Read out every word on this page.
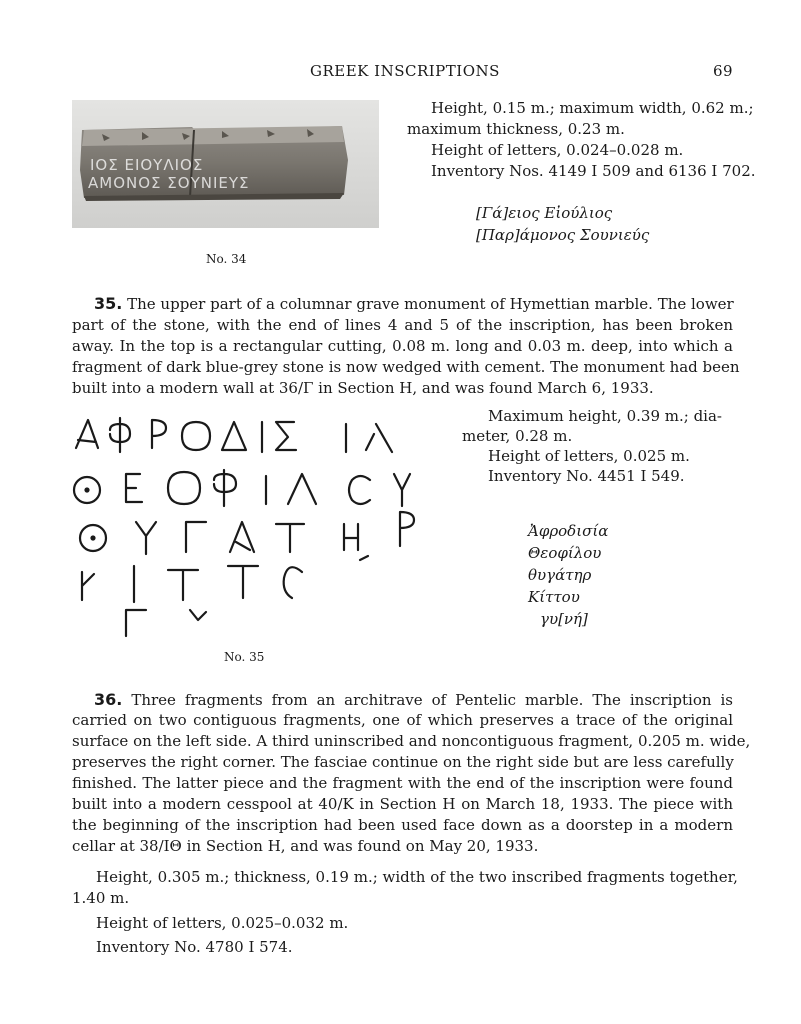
GREEK INSCRIPTIONS	69
ΙΟΣ ΕΙΟΥΛΙΟΣ
ΑΜΟΝΟΣ ΣΟΥΝΙΕΥΣ
Height, 0.15 m.; maximum width, 0.62 m.;
maximum thickness, 0.23 m.
Height of letters, 0.024–0.028 m.
Inventory Nos. 4149 I 509 and 6136 I 702.
[Γά]ειος Εἰούλιος
[Παρ]άμονος Σουνιεύς
No. 34
35. The upper part of a columnar grave monument of Hymettian marble. The lower
part of the stone, with the end of lines 4 and 5 of the inscription, has been broken
away. In the top is a rectangular cutting, 0.08 m. long and 0.03 m. deep, into which a
fragment of dark blue-grey stone is now wedged with cement. The monument had been
built into a modern wall at 36/Γ in Section H, and was found March 6, 1933.
Maximum height, 0.39 m.; dia-
meter, 0.28 m.
Height of letters, 0.025 m.
Inventory No. 4451 I 549.
Ἀφροδισία
Θεοφίλου
θυγάτηρ
Κίττου
γυ[νή]
No. 35
36. Three fragments from an architrave of Pentelic marble. The inscription is
carried on two contiguous fragments, one of which preserves a trace of the original
surface on the left side. A third uninscribed and noncontiguous fragment, 0.205 m. wide,
preserves the right corner. The fasciae continue on the right side but are less carefully
finished. The latter piece and the fragment with the end of the inscription were found
built into a modern cesspool at 40/K in Section H on March 18, 1933. The piece with
the beginning of the inscription had been used face down as a doorstep in a modern
cellar at 38/ΙΘ in Section H, and was found on May 20, 1933.
Height, 0.305 m.; thickness, 0.19 m.; width of the two inscribed fragments together,
1.40 m.
Height of letters, 0.025–0.032 m.
Inventory No. 4780 I 574.
